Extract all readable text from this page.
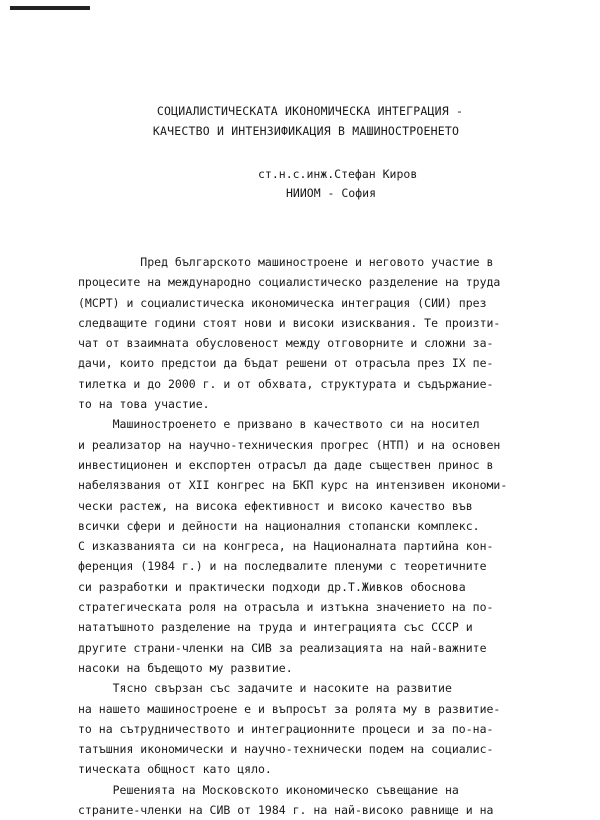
СОЦИАЛИСТИЧЕСКАТА ИКОНОМИЧЕСКА ИНТЕГРАЦИЯ -
КАЧЕСТВО И ИНТЕНЗИФИКАЦИЯ В МАШИНОСТРОЕНЕТО
ст.н.с.инж.Стефан Киров
НИИОМ - София
Пред българското машиностроене и неговото участие в
процесите на международно социалистическо разделение на труда
(МСРТ) и социалистическа икономическа интеграция (СИИ) през
следващите години стоят нови и високи изисквания. Те произти-
чат от взаимната обусловеност между отговорните и сложни за-
дачи, които предстои да бъдат решени от отрасъла през IX пе-
тилетка и до 2000 г. и от обхвата, структурата и съдържание-
то на това участие.
Машиностроенето е призвано в качеството си на носител
и реализатор на научно-техническия прогрес (НТП) и на основен
инвестиционен и експортен отрасъл да даде съществен принос в
набелязвания от XII конгрес на БКП курс на интензивен икономи-
чески растеж, на висока ефективност и високо качество във
всички сфери и дейности на националния стопански комплекс.
С изказванията си на конгреса, на Националната партийна кон-
ференция (1984 г.) и на последвалите пленуми с теоретичните
си разработки и практически подходи др.Т.Живков обоснова
стратегическата роля на отрасъла и изтъкна значението на по-
нататъшното разделение на труда и интеграцията със СССР и
другите страни-членки на СИВ за реализацията на най-важните
насоки на бъдещото му развитие.
Тясно свързан със задачите и насоките на развитие
на нашето машиностроене е и въпросът за ролята му в развитие-
то на сътрудничеството и интеграционните процеси и за по-на-
татъшния икономически и научно-технически подем на социалис-
тическата общност като цяло.
Решенията на Московското икономическо съвещание на
страните-членки на СИВ от 1984 г. на най-високо равнище и на
